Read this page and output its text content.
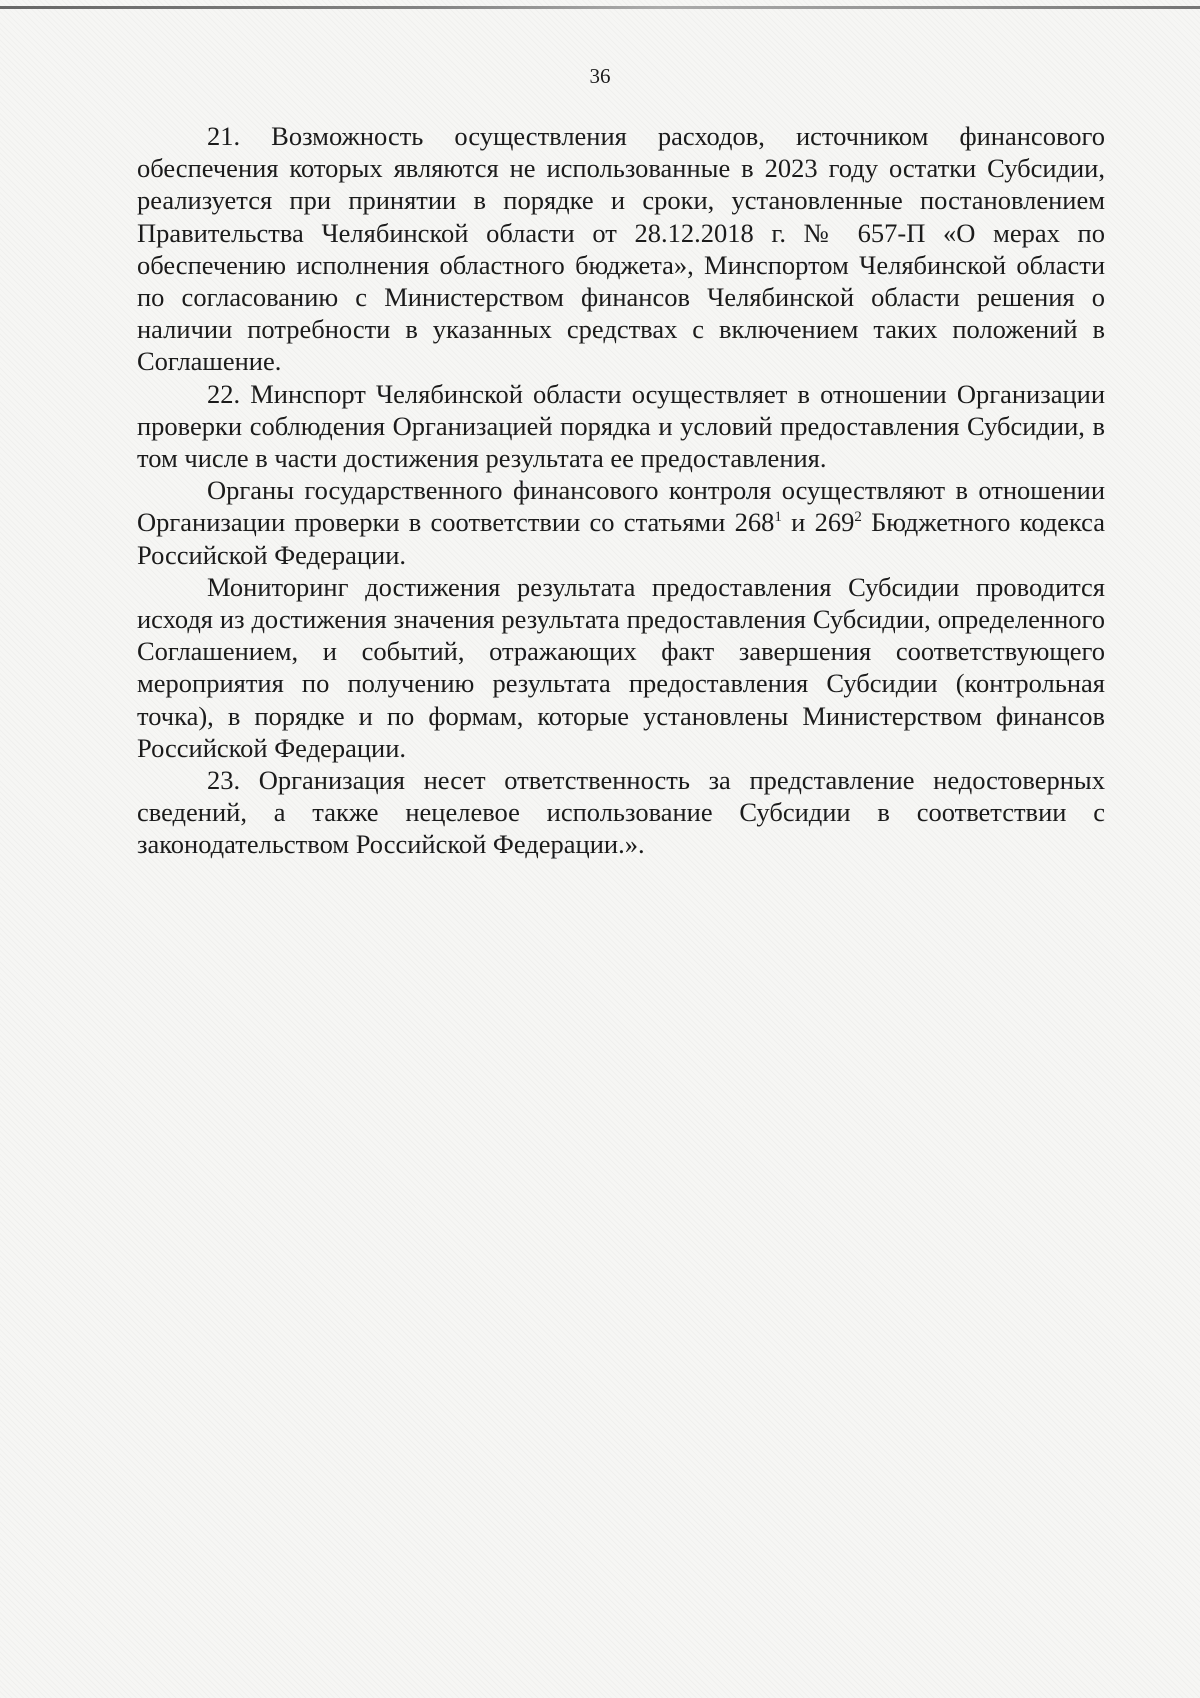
36

21. Возможность осуществления расходов, источником финансового обеспечения которых являются не использованные в 2023 году остатки Субсидии, реализуется при принятии в порядке и сроки, установленные постановлением Правительства Челябинской области от 28.12.2018 г. № 657-П «О мерах по обеспечению исполнения областного бюджета», Минспортом Челябинской области по согласованию с Министерством финансов Челябинской области решения о наличии потребности в указанных средствах с включением таких положений в Соглашение.

22. Минспорт Челябинской области осуществляет в отношении Организации проверки соблюдения Организацией порядка и условий предоставления Субсидии, в том числе в части достижения результата ее предоставления.

Органы государственного финансового контроля осуществляют в отношении Организации проверки в соответствии со статьями $268^1$ и $269^2$ Бюджетного кодекса Российской Федерации.

Мониторинг достижения результата предоставления Субсидии проводится исходя из достижения значения результата предоставления Субсидии, определенного Соглашением, и событий, отражающих факт завершения соответствующего мероприятия по получению результата предоставления Субсидии (контрольная точка), в порядке и по формам, которые установлены Министерством финансов Российской Федерации.

23. Организация несет ответственность за представление недостоверных сведений, а также нецелевое использование Субсидии в соответствии с законодательством Российской Федерации.».
